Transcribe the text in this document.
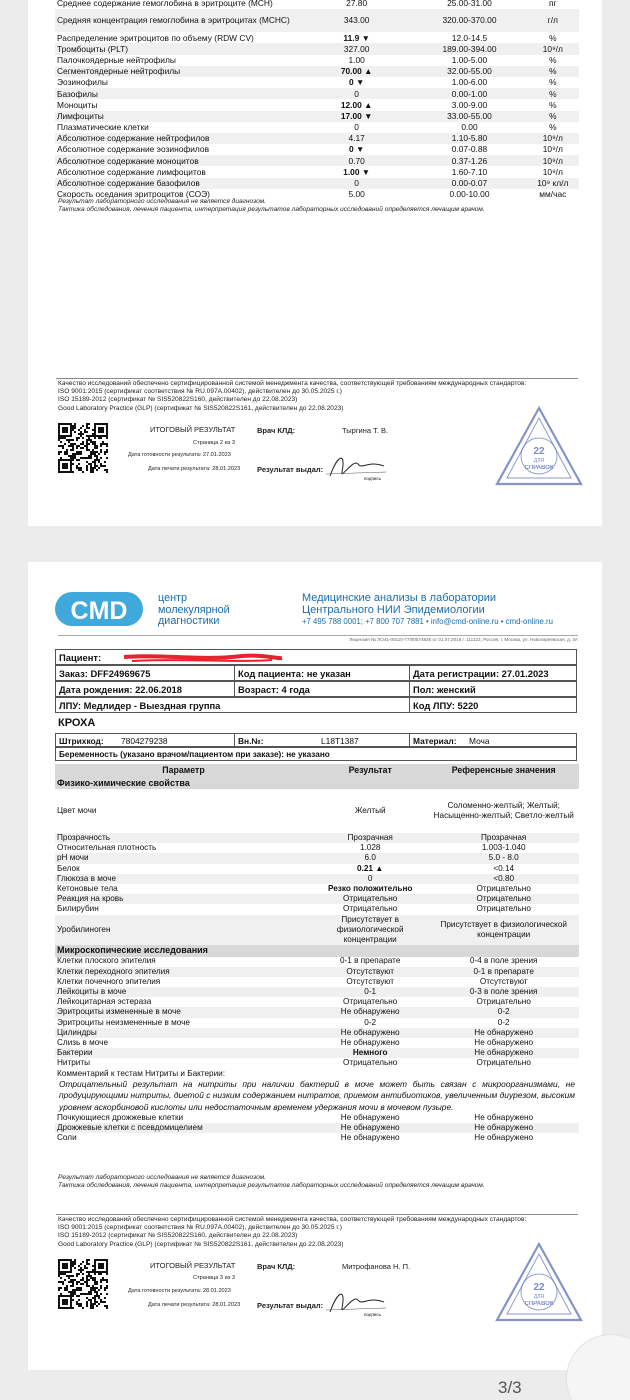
Среднее содержание гемоглобина в эритроците (MCH)	27.80	25.00-31.00	пг
Средняя концентрация гемоглобина в эритроцитах (MCHC)	343.00	320.00-370.00	г/л
Распределение эритроцитов по объему (RDW CV)	11.9 ▼	12.0-14.5	%
Тромбоциты (PLT)	327.00	189.00-394.00	10⁹/л
Палочкоядерные нейтрофилы	1.00	1.00-5.00	%
Сегментоядерные нейтрофилы	70.00 ▲	32.00-55.00	%
Эозинофилы	0 ▼	1.00-6.00	%
Базофилы	0	0.00-1.00	%
Моноциты	12.00 ▲	3.00-9.00	%
Лимфоциты	17.00 ▼	33.00-55.00	%
Плазматические клетки	0	0.00	%
Абсолютное содержание нейтрофилов	4.17	1.10-5.80	10⁹/л
Абсолютное содержание эозинофилов	0 ▼	0.07-0.88	10⁹/л
Абсолютное содержание моноцитов	0.70	0.37-1.26	10⁹/л
Абсолютное содержание лимфоцитов	1.00 ▼	1.60-7.10	10⁹/л
Абсолютное содержание базофилов	0	0.00-0.07	10⁹ кл/л
Скорость оседания эритроцитов (СОЭ)	5.00	0.00-10.00	мм/час
Результат лабораторного исследования не является диагнозом.
Тактика обследования, лечения пациента, интерпретация результатов лабораторных исследований определяется лечащим врачом.
Качество исследований обеспечено сертифицированной системой менеджмента качества, соответствующей требованиям международных стандартов:
ISO 9001:2015 (сертификат соответствия № RU.097А.00402), действителен до 30.05.2025 г.)
ISO 15189-2012 (сертификат № SIS520822S160, действителен до 22.08.2023)
Good Laboratory Practice (GLP) (сертификат № SIS520822S161, действителен до 22.08.2023)
ИТОГОВЫЙ РЕЗУЛЬТАТ
Страница 2 из 3
Дата готовности результата: 27.01.2023
Дата печати результата: 28.01.2023
Врач КЛД:	Тыргина Т. В.
Результат выдал:
подпись
22
ДЛЯ
СПРАВОК
CMD	центр
молекулярной
диагностики
Медицинские анализы в лаборатории
Центрального НИИ Эпидемиологии
+7 495 788 0001; +7 800 707 7881 • info@cmd-online.ru • cmd-online.ru
Лицензия № ЛО41-00110-77/00574836 от 01.07.2016 г. 111123, Россия, г. Москва, ул. Новогиреевская, д. 3А
Пациент:
Заказ: DFF24969675	Код пациента: не указан	Дата регистрации: 27.01.2023
Дата рождения: 22.06.2018	Возраст: 4 года	Пол: женский
ЛПУ: Медлидер - Выездная группа	Код ЛПУ: 5220
КРОХА
Штрихкод:	7804279238	Вн.№:	L18T1387	Материал:	Моча
Беременность (указано врачом/пациентом при заказе): не указано
Параметр	Результат	Референсные значения
Физико-химические свойства		
Цвет мочи	Желтый	Соломенно-желтый; Желтый; Насыщенно-желтый; Светло-желтый
Прозрачность	Прозрачная	Прозрачная
Относительная плотность	1.028	1.003-1.040
pH мочи	6.0	5.0 - 8.0
Белок	0.21 ▲	<0.14
Глюкоза в моче	0	<0.80
Кетоновые тела	Резко положительно	Отрицательно
Реакция на кровь	Отрицательно	Отрицательно
Билирубин	Отрицательно	Отрицательно
Уробилиноген	Присутствует в физиологической концентрации	Присутствует в физиологической концентрации
Микроскопические исследования		
Клетки плоского эпителия	0-1 в препарате	0-4 в поле зрения
Клетки переходного эпителия	Отсутствуют	0-1 в препарате
Клетки почечного эпителия	Отсутствуют	Отсутствуют
Лейкоциты в моче	0-1	0-3 в поле зрения
Лейкоцитарная эстераза	Отрицательно	Отрицательно
Эритроциты измененные в моче	Не обнаружено	0-2
Эритроциты неизмененные в моче	0-2	0-2
Цилиндры	Не обнаружено	Не обнаружено
Слизь в моче	Не обнаружено	Не обнаружено
Бактерии	Немного	Не обнаружено
Нитриты	Отрицательно	Отрицательно
Комментарий к тестам Нитриты и Бактерии:		

Отрицательный результат на нитриты при наличии бактерий в моче может быть связан с микроорганизмами, не продуцирующими нитриты, диетой с низким содержанием нитратов, приемом антибиотиков, увеличенным диурезом, высоким уровнем аскорбиновой кислоты или недостаточным временем удержания мочи в мочевом пузыре.		

Почкующиеся дрожжевые клетки	Не обнаружено	Не обнаружено
Дрожжевые клетки с псевдомицелием	Не обнаружено	Не обнаружено
Соли	Не обнаружено	Не обнаружено
Результат лабораторного исследования не является диагнозом.
Тактика обследования, лечения пациента, интерпретация результатов лабораторных исследований определяется лечащим врачом.
Качество исследований обеспечено сертифицированной системой менеджмента качества, соответствующей требованиям международных стандартов:
ISO 9001:2015 (сертификат соответствия № RU.097А.00402), действителен до 30.05.2025 г.)
ISO 15189-2012 (сертификат № SIS520822S160, действителен до 22.08.2023)
Good Laboratory Practice (GLP) (сертификат № SIS520822S161, действителен до 22.08.2023)
ИТОГОВЫЙ РЕЗУЛЬТАТ
Страница 3 из 3
Дата готовности результата: 28.01.2023
Дата печати результата: 28.01.2023
Врач КЛД:	Митрофанова Н. П.
Результат выдал:
подпись
22
ДЛЯ
СПРАВОК
3/3
